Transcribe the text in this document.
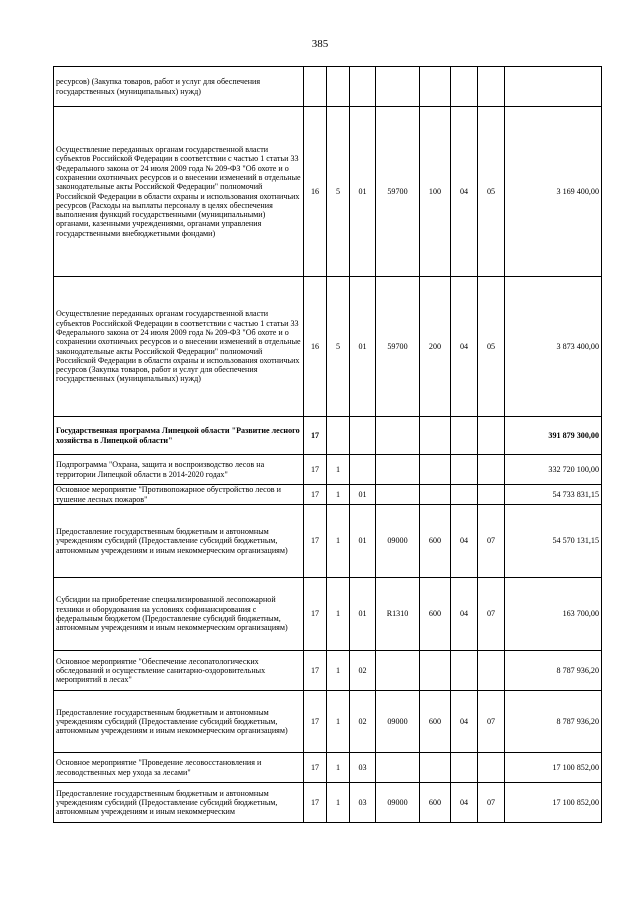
385
ресурсов) (Закупка товаров, работ и услуг для обеспечения государственных (муниципальных) нужд)								
Осуществление переданных органам государственной власти субъектов Российской Федерации в соответствии с частью 1 статьи 33 Федерального закона от 24 июля 2009 года № 209-ФЗ "Об охоте и о сохранении охотничьих ресурсов и о внесении изменений в отдельные законодательные акты Российской Федерации" полномочий Российской Федерации в области охраны и использования охотничьих ресурсов (Расходы на выплаты персоналу в целях обеспечения выполнения функций государственными (муниципальными) органами, казенными учреждениями, органами управления государственными внебюджетными фондами)	16	5	01	59700	100	04	05	3 169 400,00
Осуществление переданных органам государственной власти субъектов Российской Федерации в соответствии с частью 1 статьи 33 Федерального закона от 24 июля 2009 года № 209-ФЗ "Об охоте и о сохранении охотничьих ресурсов и о внесении изменений в отдельные законодательные акты Российской Федерации" полномочий Российской Федерации в области охраны и использования охотничьих ресурсов (Закупка товаров, работ и услуг для обеспечения государственных (муниципальных) нужд)	16	5	01	59700	200	04	05	3 873 400,00
Государственная программа Липецкой области "Развитие лесного хозяйства в Липецкой области"	17							391 879 300,00
Подпрограмма "Охрана, защита и воспроизводство лесов на территории Липецкой области в 2014-2020 годах"	17	1						332 720 100,00
Основное мероприятие "Противопожарное обустройство лесов и тушение лесных пожаров"	17	1	01					54 733 831,15
Предоставление государственным бюджетным и автономным учреждениям субсидий (Предоставление субсидий бюджетным, автономным учреждениям и иным некоммерческим организациям)	17	1	01	09000	600	04	07	54 570 131,15
Субсидии на приобретение специализированной лесопожарной техники и оборудования на условиях софинансирования с федеральным бюджетом (Предоставление субсидий бюджетным, автономным учреждениям и иным некоммерческим организациям)	17	1	01	R1310	600	04	07	163 700,00
Основное мероприятие "Обеспечение лесопатологических обследований и осуществление санитарно-оздоровительных мероприятий в лесах"	17	1	02					8 787 936,20
Предоставление государственным бюджетным и автономным учреждениям субсидий (Предоставление субсидий бюджетным, автономным учреждениям и иным некоммерческим организациям)	17	1	02	09000	600	04	07	8 787 936,20
Основное мероприятие "Проведение лесовосстановления и лесоводственных мер ухода за лесами"	17	1	03					17 100 852,00
Предоставление государственным бюджетным и автономным учреждениям субсидий (Предоставление субсидий бюджетным, автономным учреждениям и иным некоммерческим	17	1	03	09000	600	04	07	17 100 852,00
